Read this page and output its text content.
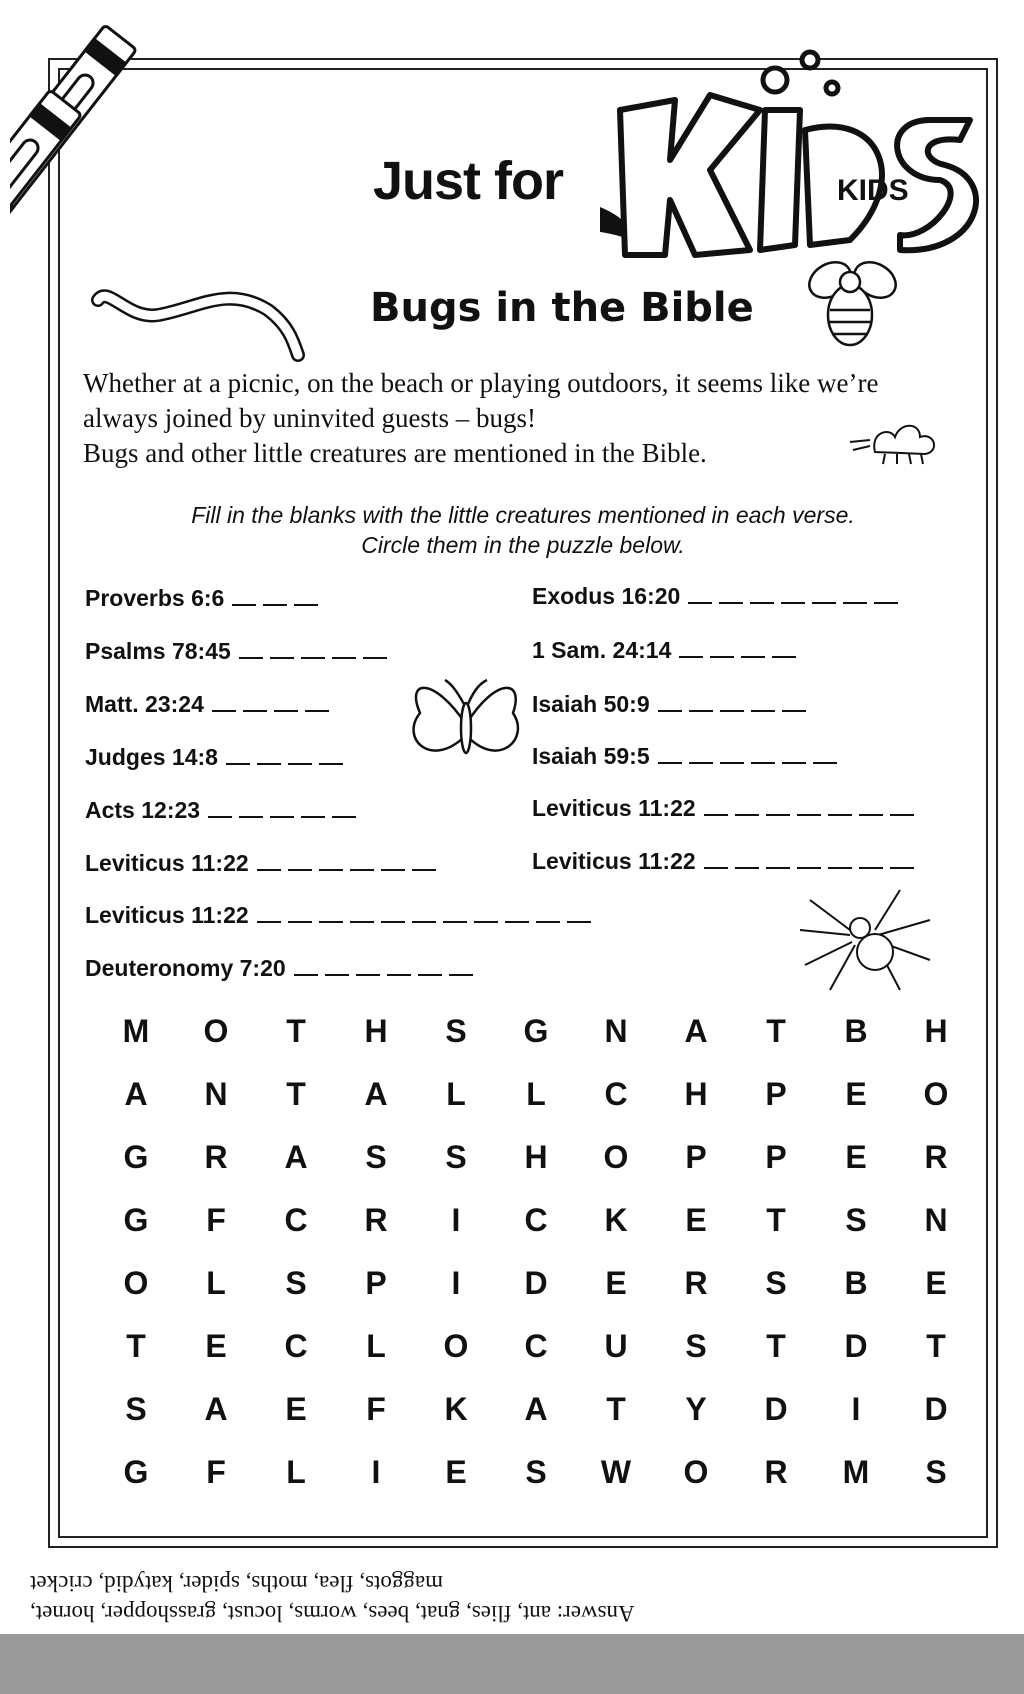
Just for	KIDS
Bugs in the Bible

Whether at a picnic, on the beach or playing outdoors, it seems like we’re

always joined by uninvited guests – bugs!

Bugs and other little creatures are mentioned in the Bible.

Fill in the blanks with the little creatures mentioned in each verse.

Circle them in the puzzle below.

Proverbs 6:6
Psalms 78:45
Matt. 23:24
Judges 14:8
Acts 12:23
Leviticus 11:22
Exodus 16:20
1 Sam. 24:14
Isaiah 50:9
Isaiah 59:5
Leviticus 11:22
Leviticus 11:22
Leviticus 11:22
Deuteronomy 7:20
M	O	T	H	S	G	N	A	T	B	H
A	N	T	A	L	L	C	H	P	E	O
G	R	A	S	S	H	O	P	P	E	R
G	F	C	R	I	C	K	E	T	S	N
O	L	S	P	I	D	E	R	S	B	E
T	E	C	L	O	C	U	S	T	D	T
S	A	E	F	K	A	T	Y	D	I	D
G	F	L	I	E	S	W	O	R	M	S

Answer: ant, flies, gnat, bees, worms, locust, grasshopper, hornet,

maggots, flea, moths, spider, katydid, cricket
